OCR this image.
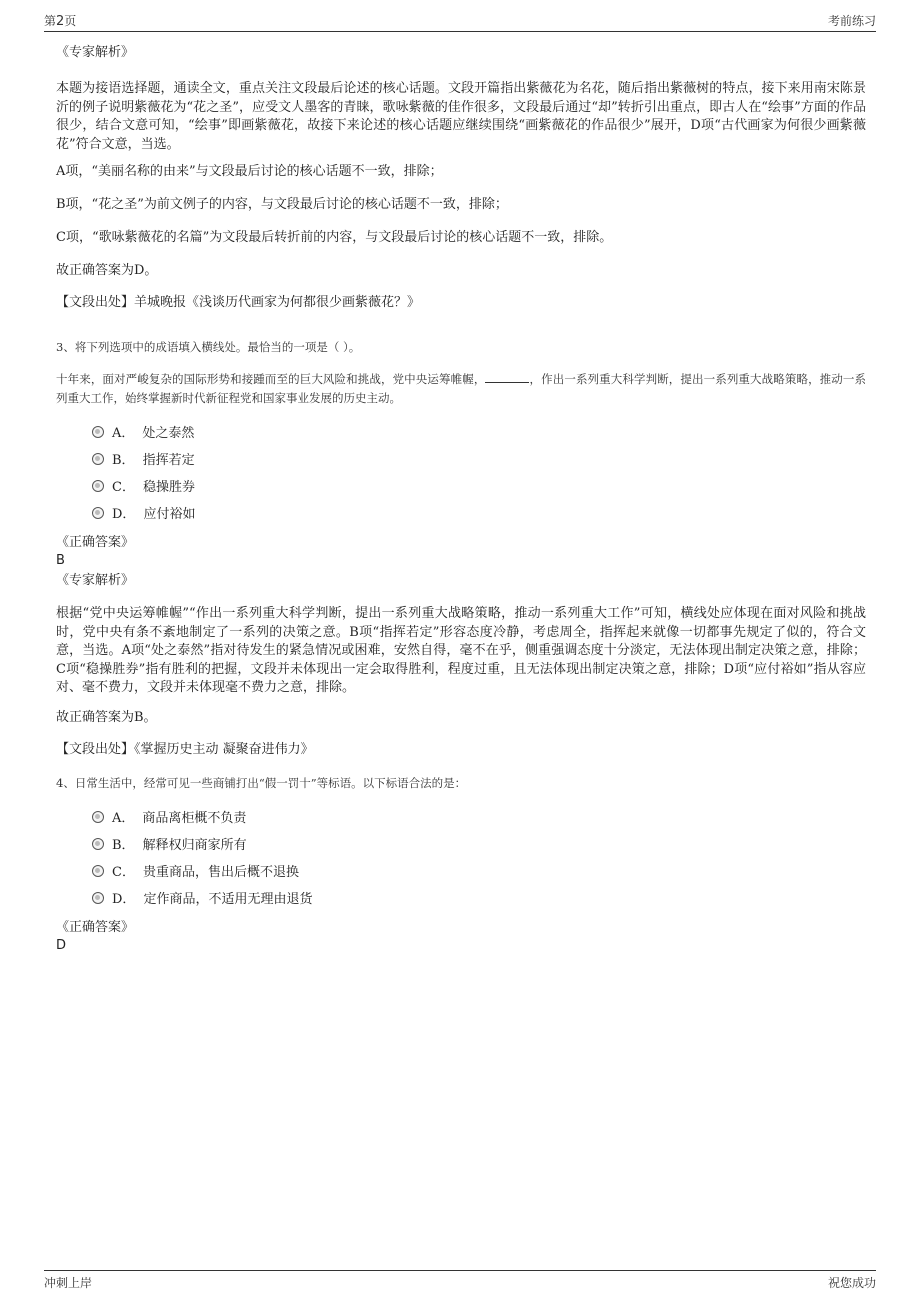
第2页	考前练习
《专家解析》
本题为接语选择题，通读全文，重点关注文段最后论述的核心话题。文段开篇指出紫薇花为名花，随后指出紫薇树的特点，接下来用南宋陈景沂的例子说明紫薇花为“花之圣”，应受文人墨客的青睐，歌咏紫薇的佳作很多，文段最后通过“却”转折引出重点，即古人在“绘事”方面的作品很少，结合文意可知，“绘事”即画紫薇花，故接下来论述的核心话题应继续围绕“画紫薇花的作品很少”展开，D项“古代画家为何很少画紫薇花”符合文意，当选。
A项，“美丽名称的由来”与文段最后讨论的核心话题不一致，排除；
B项，“花之圣”为前文例子的内容，与文段最后讨论的核心话题不一致，排除；
C项，“歌咏紫薇花的名篇”为文段最后转折前的内容，与文段最后讨论的核心话题不一致，排除。
故正确答案为D。
【文段出处】羊城晚报《浅谈历代画家为何都很少画紫薇花？》
3、将下列选项中的成语填入横线处。最恰当的一项是（ ）。
十年来，面对严峻复杂的国际形势和接踵而至的巨大风险和挑战，党中央运筹帷幄，	，作出一系列重大科学判断，提出一系列重大战略策略，推动一系列重大工作，始终掌握新时代新征程党和国家事业发展的历史主动。
A． 处之泰然
B． 指挥若定
C． 稳操胜券
D． 应付裕如
《正确答案》
B
《专家解析》
根据“党中央运筹帷幄”“作出一系列重大科学判断，提出一系列重大战略策略，推动一系列重大工作”可知，横线处应体现在面对风险和挑战时，党中央有条不紊地制定了一系列的决策之意。B项“指挥若定”形容态度冷静，考虑周全，指挥起来就像一切都事先规定了似的，符合文意，当选。A项“处之泰然”指对待发生的紧急情况或困难，安然自得，毫不在乎，侧重强调态度十分淡定，无法体现出制定决策之意，排除；C项“稳操胜券”指有胜利的把握，文段并未体现出一定会取得胜利，程度过重，且无法体现出制定决策之意，排除；D项“应付裕如”指从容应对、毫不费力，文段并未体现毫不费力之意，排除。
故正确答案为B。
【文段出处】《掌握历史主动 凝聚奋进伟力》
4、日常生活中，经常可见一些商铺打出“假一罚十”等标语。以下标语合法的是：
A． 商品离柜概不负责
B． 解释权归商家所有
C． 贵重商品，售出后概不退换
D． 定作商品，不适用无理由退货
《正确答案》
D
冲刺上岸	祝您成功
